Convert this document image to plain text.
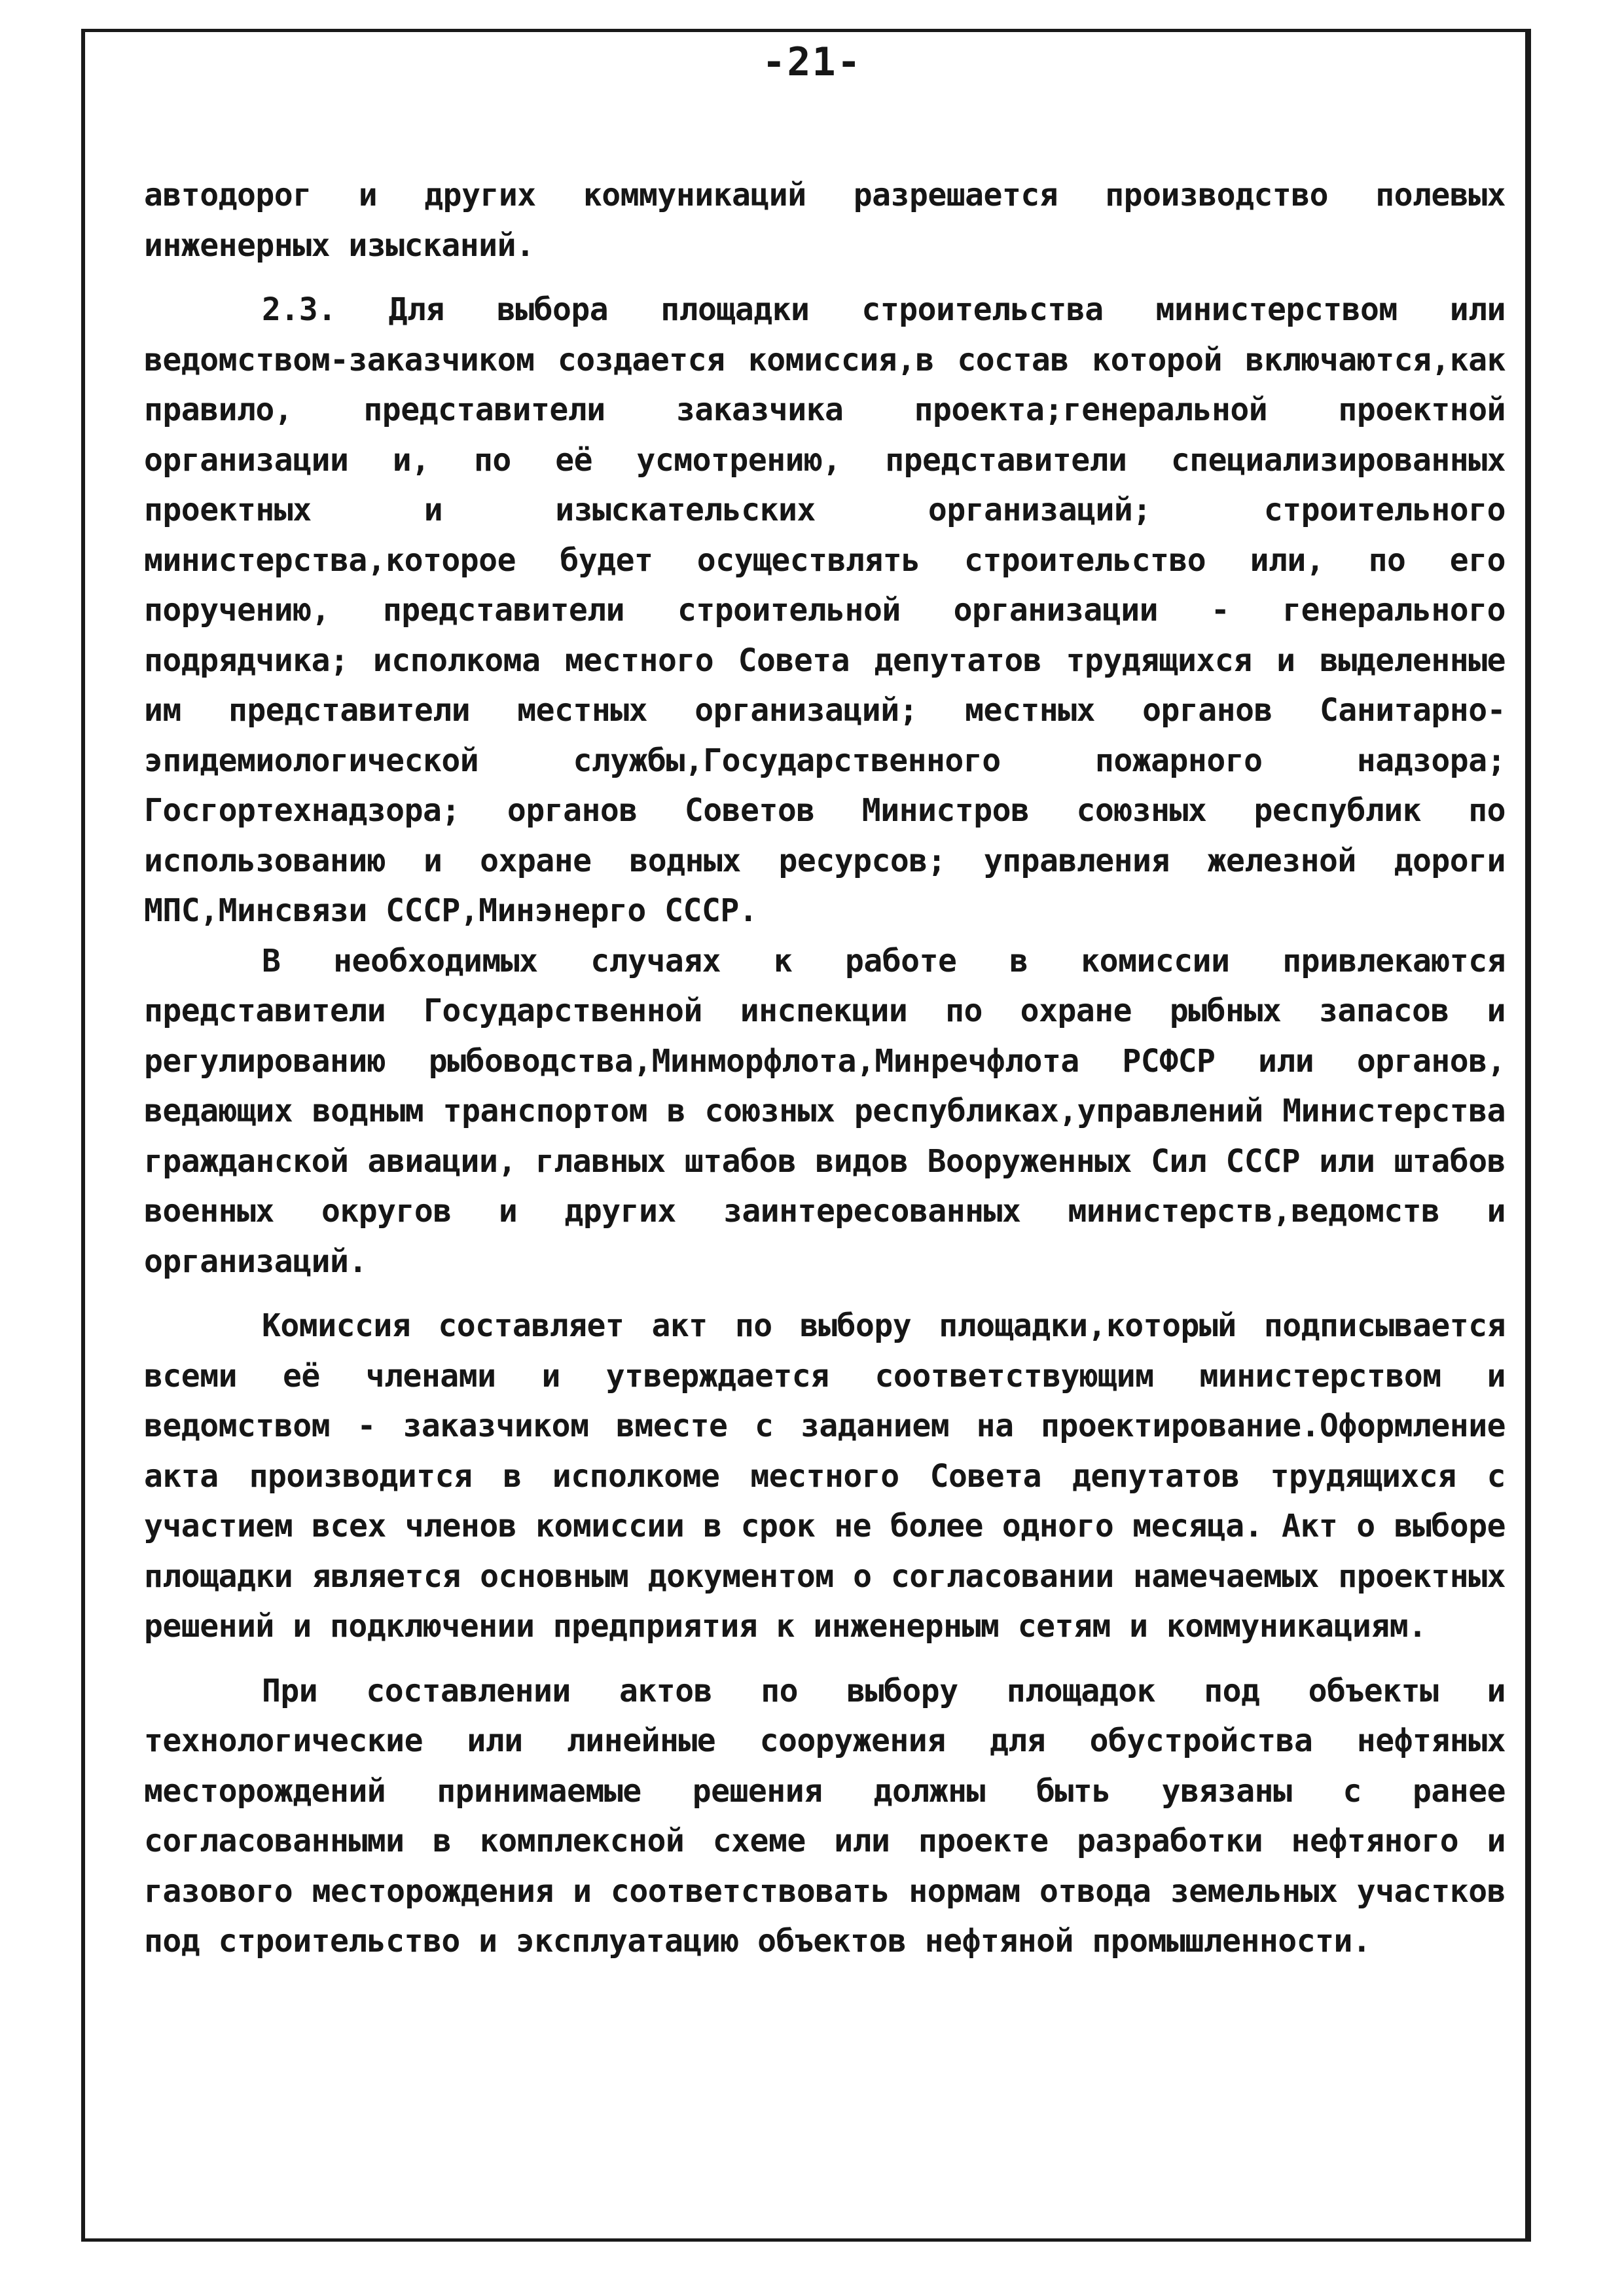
-21-

автодорог и других коммуникаций разрешается производство полевых инженерных изысканий.

2.3. Для выбора площадки строительства министерством или ведомством-заказчиком создается комиссия,в состав которой включаются,как правило, представители заказчика проекта;генеральной проектной организации и, по её усмотрению, представители специализированных проектных и изыскательских организаций; строительного министерства,которое будет осуществлять строительство или, по его поручению, представители строительной организации - генерального подрядчика; исполкома местного Совета депутатов трудящихся и выделенные им представители местных организаций; местных органов Санитарно-эпидемиологической службы,Государственного пожарного надзора; Госгортехнадзора; органов Советов Министров союзных республик по использованию и охране водных ресурсов; управления железной дороги МПС,Минсвязи СССР,Минэнерго СССР.

В необходимых случаях к работе в комиссии привлекаются представители Государственной инспекции по охране рыбных запасов и регулированию рыбоводства,Минморфлота,Минречфлота РСФСР или органов, ведающих водным транспортом в союзных республиках,управлений Министерства гражданской авиации, главных штабов видов Вооруженных Сил СССР или штабов военных округов и других заинтересованных министерств,ведомств и организаций.

Комиссия составляет акт по выбору площадки,который подписывается всеми её членами и утверждается соответствующим министерством и ведомством - заказчиком вместе с заданием на проектирование.Оформление акта производится в исполкоме местного Совета депутатов трудящихся с участием всех членов комиссии в срок не более одного месяца. Акт о выборе площадки является основным документом о согласовании намечаемых проектных решений и подключении предприятия к инженерным сетям и коммуникациям.

При составлении актов по выбору площадок под объекты и технологические или линейные сооружения для обустройства нефтяных месторождений принимаемые решения должны быть увязаны с ранее согласованными в комплексной схеме или проекте разработки нефтяного и газового месторождения и соответствовать нормам отвода земельных участков под строительство и эксплуатацию объектов нефтяной промышленности.
